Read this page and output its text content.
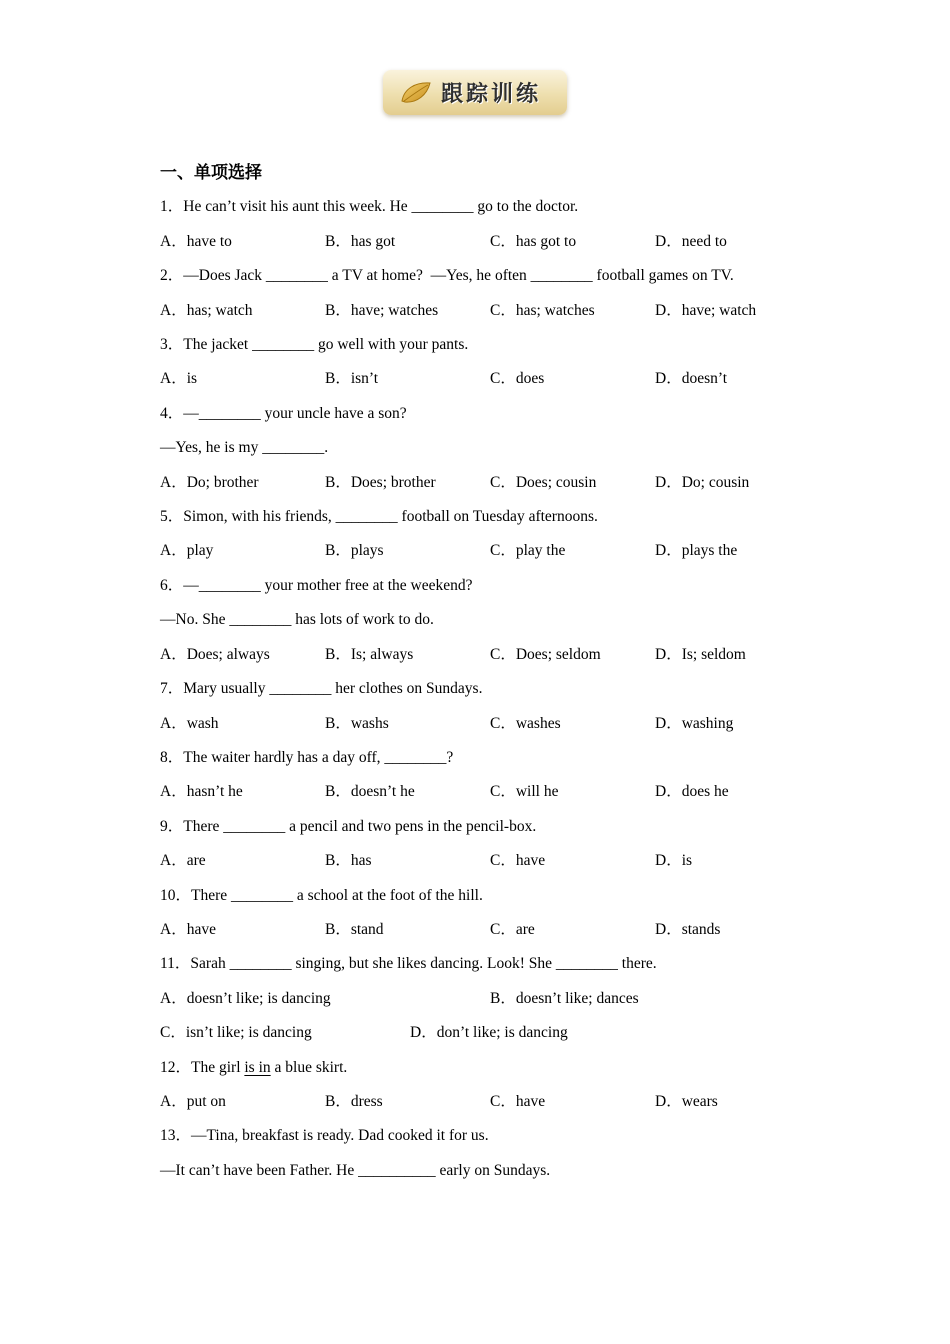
跟踪训练

一、单项选择

1．He can’t visit his aunt this week. He ________ go to the doctor.

A．have to	B．has got	C．has got to	D．need to

2．—Does Jack ________ a TV at home?  —Yes, he often ________ football games on TV.

A．has; watch	B．have; watches	C．has; watches	D．have; watch

3．The jacket ________ go well with your pants.

A．is	B．isn’t	C．does	D．doesn’t

4．—________ your uncle have a son?

—Yes, he is my ________.

A．Do; brother	B．Does; brother	C．Does; cousin	D．Do; cousin

5．Simon, with his friends, ________ football on Tuesday afternoons.

A．play	B．plays	C．play the	D．plays the

6．—________ your mother free at the weekend?

—No. She ________ has lots of work to do.

A．Does; always	B．Is; always	C．Does; seldom	D．Is; seldom

7．Mary usually ________ her clothes on Sundays.

A．wash	B．washs	C．washes	D．washing

8．The waiter hardly has a day off, ________?

A．hasn’t he	B．doesn’t he	C．will he	D．does he

9．There ________ a pencil and two pens in the pencil-box.

A．are	B．has	C．have	D．is

10．There ________ a school at the foot of the hill.

A．have	B．stand	C．are	D．stands

11．Sarah ________ singing, but she likes dancing. Look! She ________ there.

A．doesn’t like; is dancing	B．doesn’t like; dances

C．isn’t like; is dancing	D．don’t like; is dancing

12．The girl is in a blue skirt.

A．put on	B．dress	C．have	D．wears

13．—Tina, breakfast is ready. Dad cooked it for us.

—It can’t have been Father. He __________ early on Sundays.
